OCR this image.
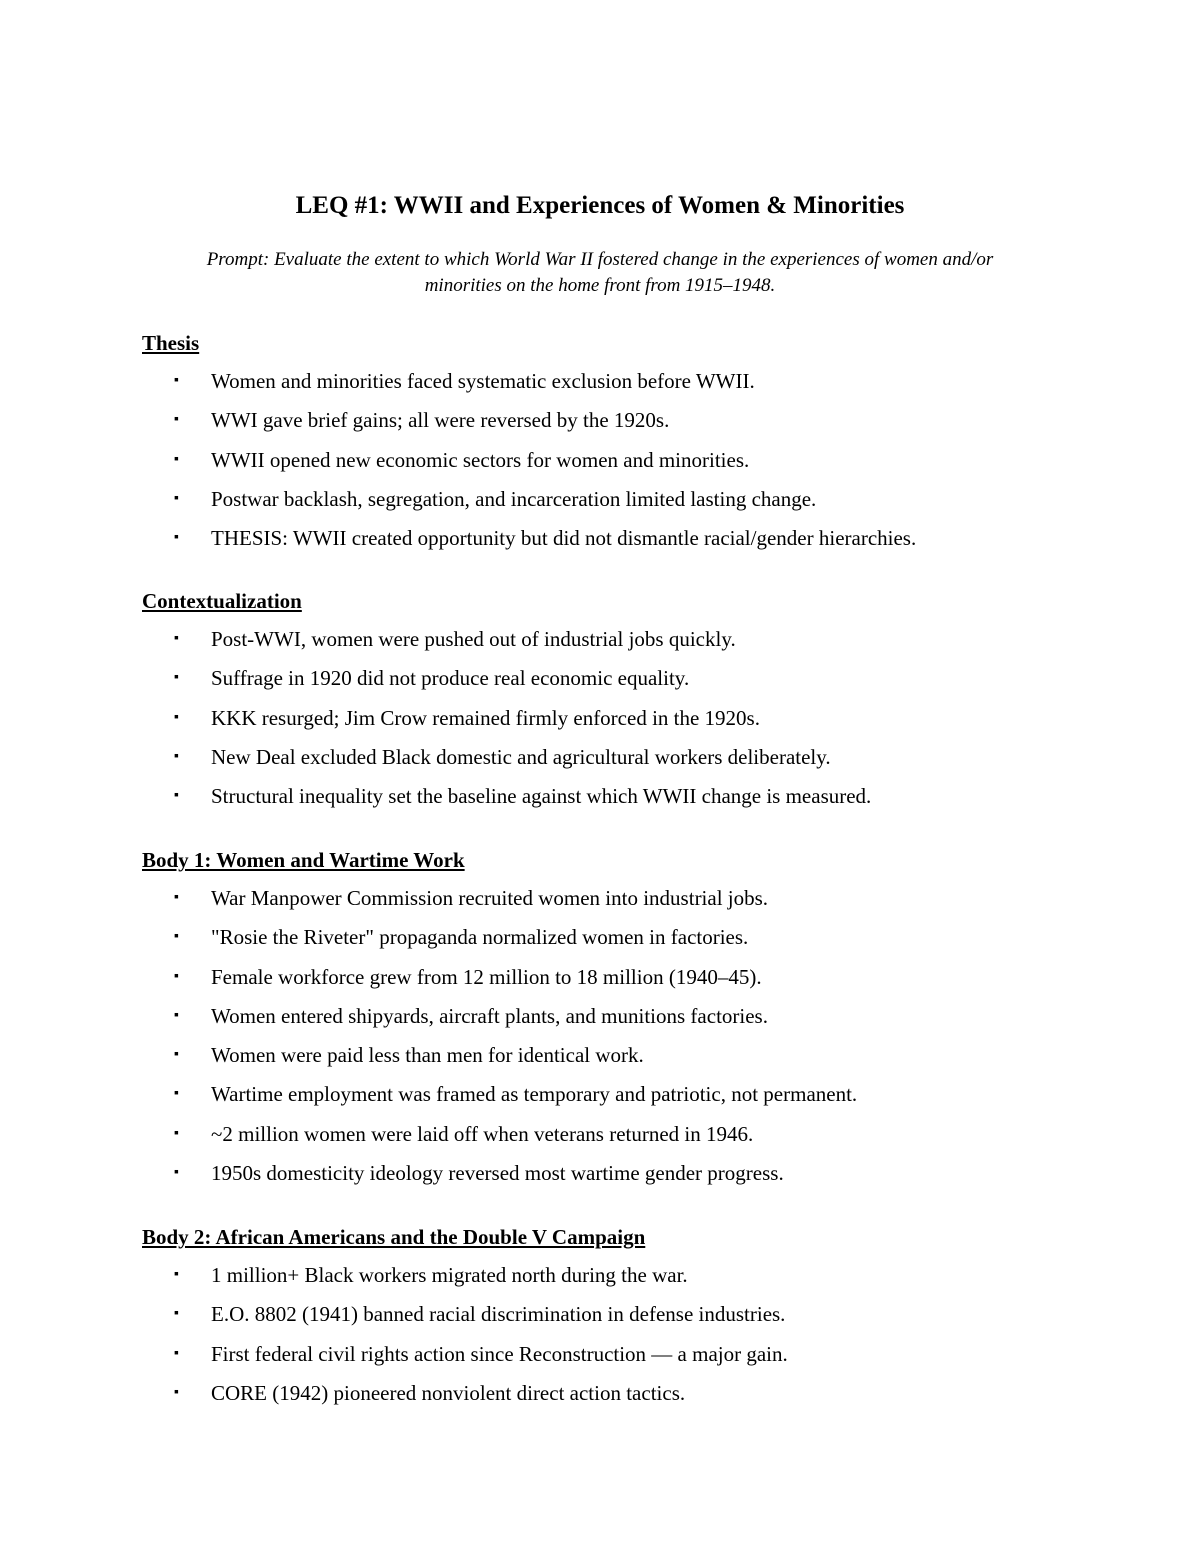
LEQ #1: WWII and Experiences of Women & Minorities
Prompt: Evaluate the extent to which World War II fostered change in the experiences of women and/or
minorities on the home front from 1915–1948.
Thesis
▪ Women and minorities faced systematic exclusion before WWII.
▪ WWI gave brief gains; all were reversed by the 1920s.
▪ WWII opened new economic sectors for women and minorities.
▪ Postwar backlash, segregation, and incarceration limited lasting change.
▪ THESIS: WWII created opportunity but did not dismantle racial/gender hierarchies.
Contextualization
▪ Post-WWI, women were pushed out of industrial jobs quickly.
▪ Suffrage in 1920 did not produce real economic equality.
▪ KKK resurged; Jim Crow remained firmly enforced in the 1920s.
▪ New Deal excluded Black domestic and agricultural workers deliberately.
▪ Structural inequality set the baseline against which WWII change is measured.
Body 1: Women and Wartime Work
▪ War Manpower Commission recruited women into industrial jobs.
▪ "Rosie the Riveter" propaganda normalized women in factories.
▪ Female workforce grew from 12 million to 18 million (1940–45).
▪ Women entered shipyards, aircraft plants, and munitions factories.
▪ Women were paid less than men for identical work.
▪ Wartime employment was framed as temporary and patriotic, not permanent.
▪ ~2 million women were laid off when veterans returned in 1946.
▪ 1950s domesticity ideology reversed most wartime gender progress.
Body 2: African Americans and the Double V Campaign
▪ 1 million+ Black workers migrated north during the war.
▪ E.O. 8802 (1941) banned racial discrimination in defense industries.
▪ First federal civil rights action since Reconstruction — a major gain.
▪ CORE (1942) pioneered nonviolent direct action tactics.
